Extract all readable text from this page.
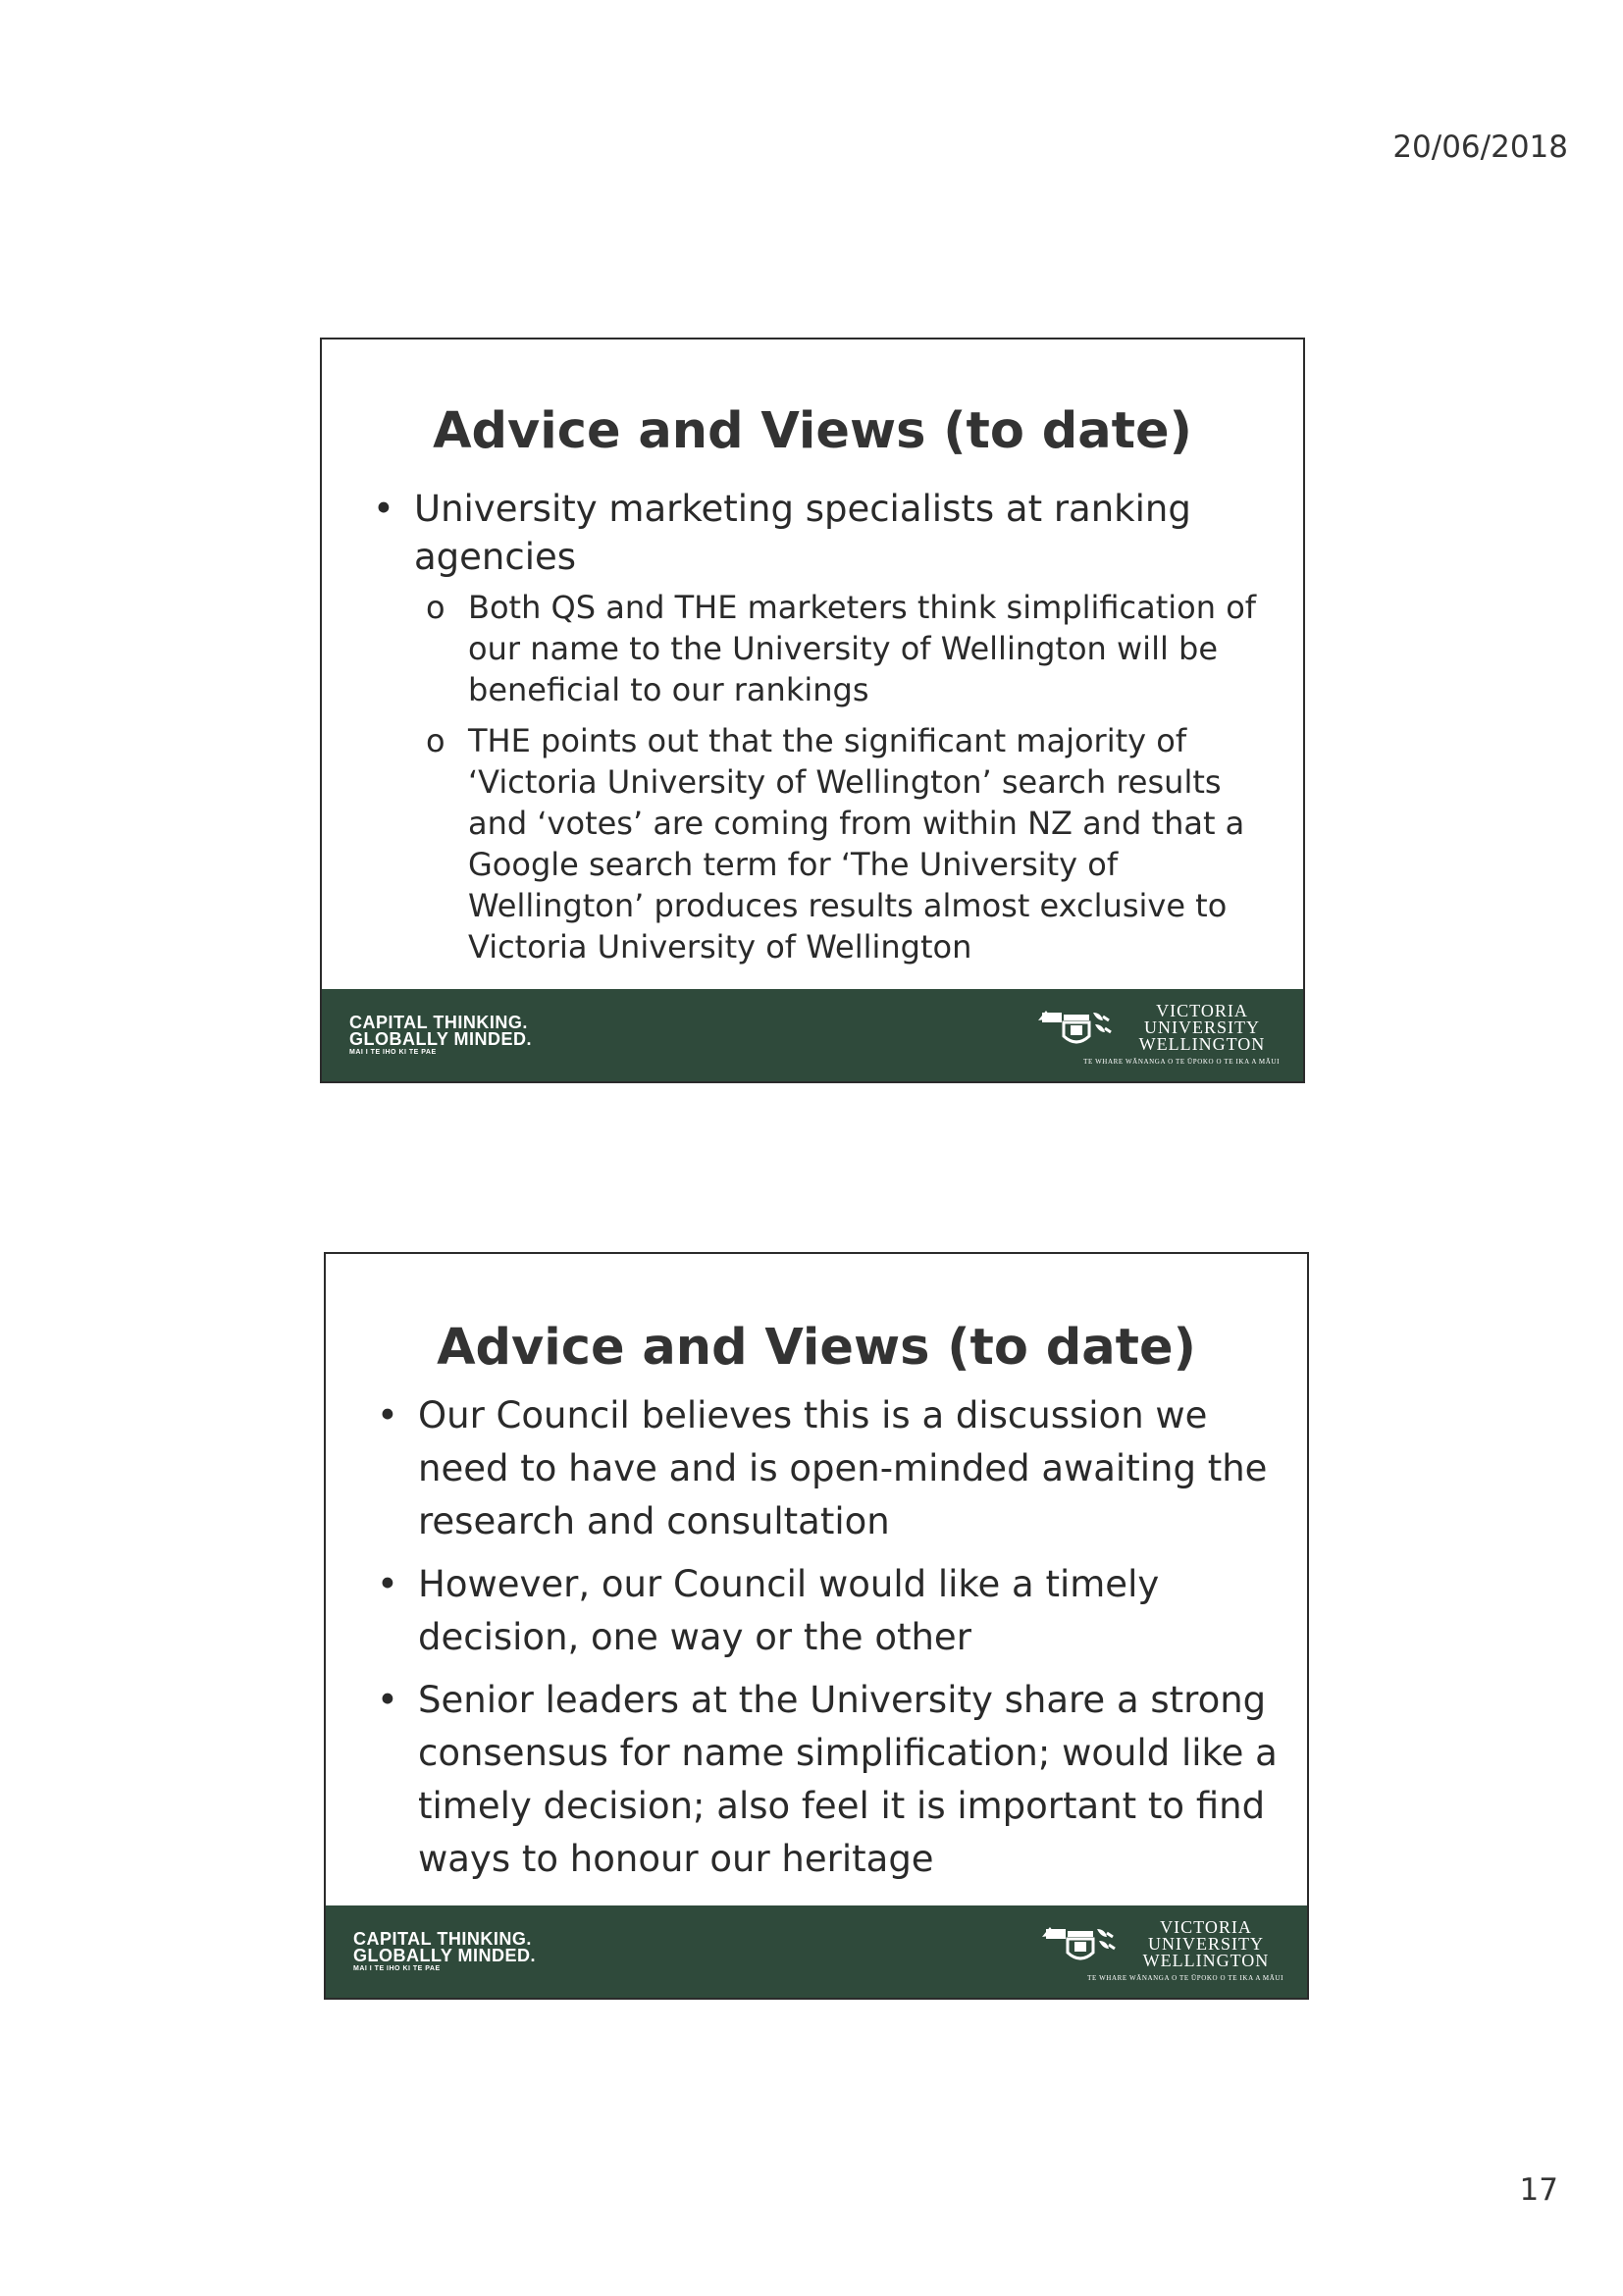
20/06/2018
Advice and Views (to date)
• University marketing specialists at ranking agencies
o Both QS and THE marketers think simplification of our name to the University of Wellington will be beneficial to our rankings
o THE points out that the significant majority of ‘Victoria University of Wellington’ search results and ‘votes’ are coming from within NZ and that a Google search term for ‘The University of Wellington’ produces results almost exclusive to Victoria University of Wellington
CAPITAL THINKING.
GLOBALLY MINDED.
MAI I TE IHO KI TE PAE
VICTORIA
UNIVERSITY
WELLINGTON
TE WHARE WĀNANGA O TE ŪPOKO O TE IKA A MĀUI
Advice and Views (to date)
• Our Council believes this is a discussion we need to have and is open-minded awaiting the research and consultation
• However, our Council would like a timely decision, one way or the other
• Senior leaders at the University share a strong consensus for name simplification; would like a timely decision; also feel it is important to find ways to honour our heritage
CAPITAL THINKING.
GLOBALLY MINDED.
MAI I TE IHO KI TE PAE
VICTORIA
UNIVERSITY
WELLINGTON
TE WHARE WĀNANGA O TE ŪPOKO O TE IKA A MĀUI
17
